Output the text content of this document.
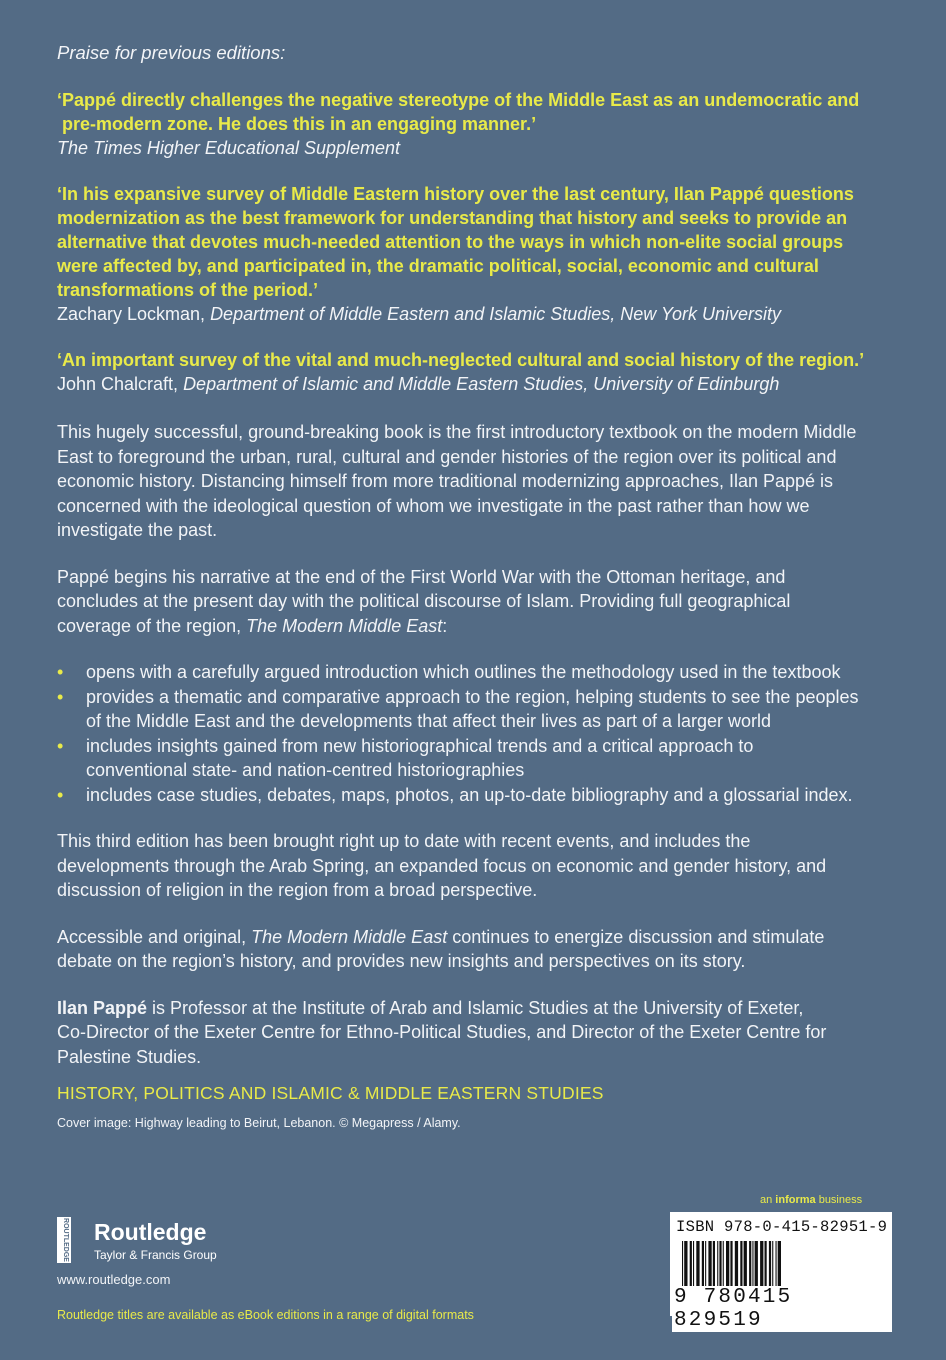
Praise for previous editions:

‘Pappé directly challenges the negative stereotype of the Middle East as an undemocratic and

pre-modern zone. He does this in an engaging manner.’

The Times Higher Educational Supplement

‘In his expansive survey of Middle Eastern history over the last century, Ilan Pappé questions

modernization as the best framework for understanding that history and seeks to provide an

alternative that devotes much-needed attention to the ways in which non-elite social groups

were affected by, and participated in, the dramatic political, social, economic and cultural

transformations of the period.’

Zachary Lockman, Department of Middle Eastern and Islamic Studies, New York University

‘An important survey of the vital and much-neglected cultural and social history of the region.’

John Chalcraft, Department of Islamic and Middle Eastern Studies, University of Edinburgh

This hugely successful, ground-breaking book is the first introductory textbook on the modern Middle
East to foreground the urban, rural, cultural and gender histories of the region over its political and
economic history. Distancing himself from more traditional modernizing approaches, Ilan Pappé is
concerned with the ideological question of whom we investigate in the past rather than how we
investigate the past.
Pappé begins his narrative at the end of the First World War with the Ottoman heritage, and
concludes at the present day with the political discourse of Islam. Providing full geographical
coverage of the region, The Modern Middle East:
• opens with a carefully argued introduction which outlines the methodology used in the textbook
• provides a thematic and comparative approach to the region, helping students to see the peoples
of the Middle East and the developments that affect their lives as part of a larger world
• includes insights gained from new historiographical trends and a critical approach to
conventional state- and nation-centred historiographies
• includes case studies, debates, maps, photos, an up-to-date bibliography and a glossarial index.
This third edition has been brought right up to date with recent events, and includes the
developments through the Arab Spring, an expanded focus on economic and gender history, and
discussion of religion in the region from a broad perspective.
Accessible and original, The Modern Middle East continues to energize discussion and stimulate
debate on the region’s history, and provides new insights and perspectives on its story.
Ilan Pappé is Professor at the Institute of Arab and Islamic Studies at the University of Exeter,
Co-Director of the Exeter Centre for Ethno-Political Studies, and Director of the Exeter Centre for
Palestine Studies.

HISTORY, POLITICS AND ISLAMIC & MIDDLE EASTERN STUDIES

Cover image: Highway leading to Beirut, Lebanon. © Megapress / Alamy.

ROUTLEDGE Routledge
Taylor & Francis Group
www.routledge.com
Routledge titles are available as eBook editions in a range of digital formats
an informa business
ISBN 978-0-415-82951-9
9 780415 829519
